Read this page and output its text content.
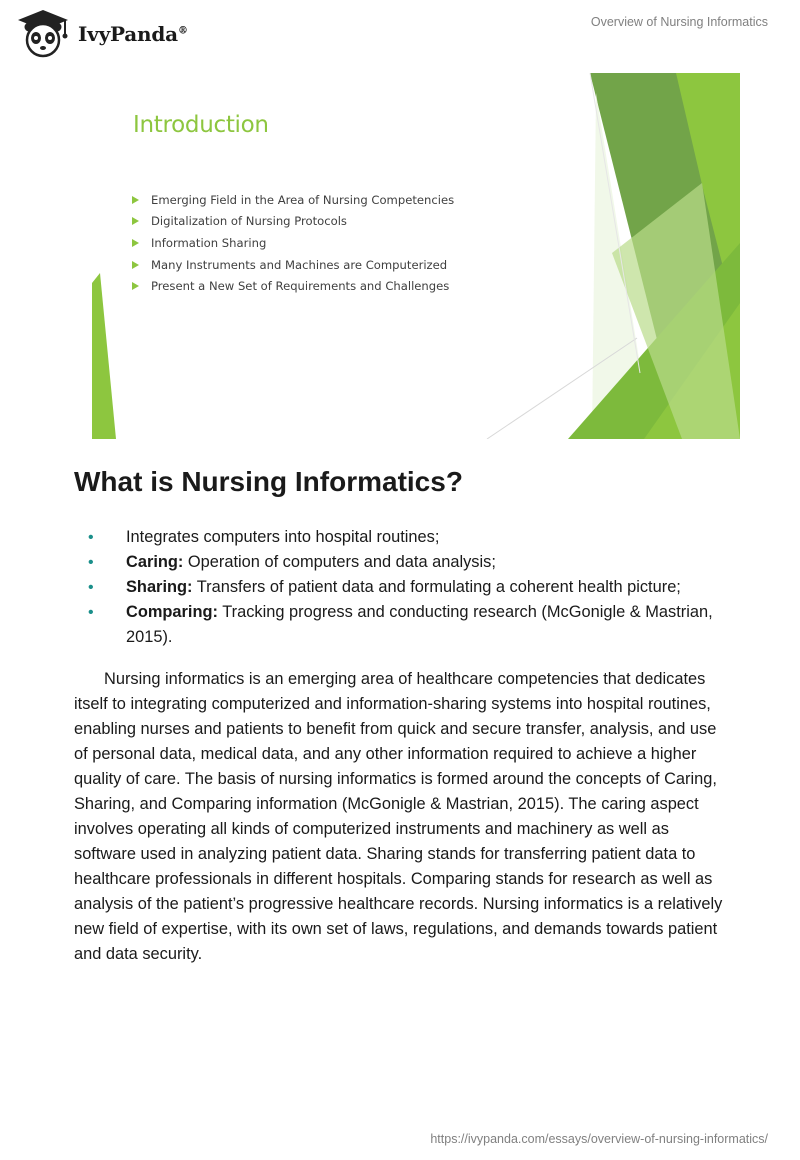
IvyPanda®
Overview of Nursing Informatics
Introduction
Emerging Field in the Area of Nursing Competencies
Digitalization of Nursing Protocols
Information Sharing
Many Instruments and Machines are Computerized
Present a New Set of Requirements and Challenges
What is Nursing Informatics?
• Integrates computers into hospital routines;
• Caring: Operation of computers and data analysis;
• Sharing: Transfers of patient data and formulating a coherent health picture;
• Comparing: Tracking progress and conducting research (McGonigle & Mastrian, 2015).

Nursing informatics is an emerging area of healthcare competencies that dedicates itself to integrating computerized and information-sharing systems into hospital routines, enabling nurses and patients to benefit from quick and secure transfer, analysis, and use of personal data, medical data, and any other information required to achieve a higher quality of care. The basis of nursing informatics is formed around the concepts of Caring, Sharing, and Comparing information (McGonigle & Mastrian, 2015). The caring aspect involves operating all kinds of computerized instruments and machinery as well as software used in analyzing patient data. Sharing stands for transferring patient data to healthcare professionals in different hospitals. Comparing stands for research as well as analysis of the patient’s progressive healthcare records. Nursing informatics is a relatively new field of expertise, with its own set of laws, regulations, and demands towards patient and data security.

https://ivypanda.com/essays/overview-of-nursing-informatics/
